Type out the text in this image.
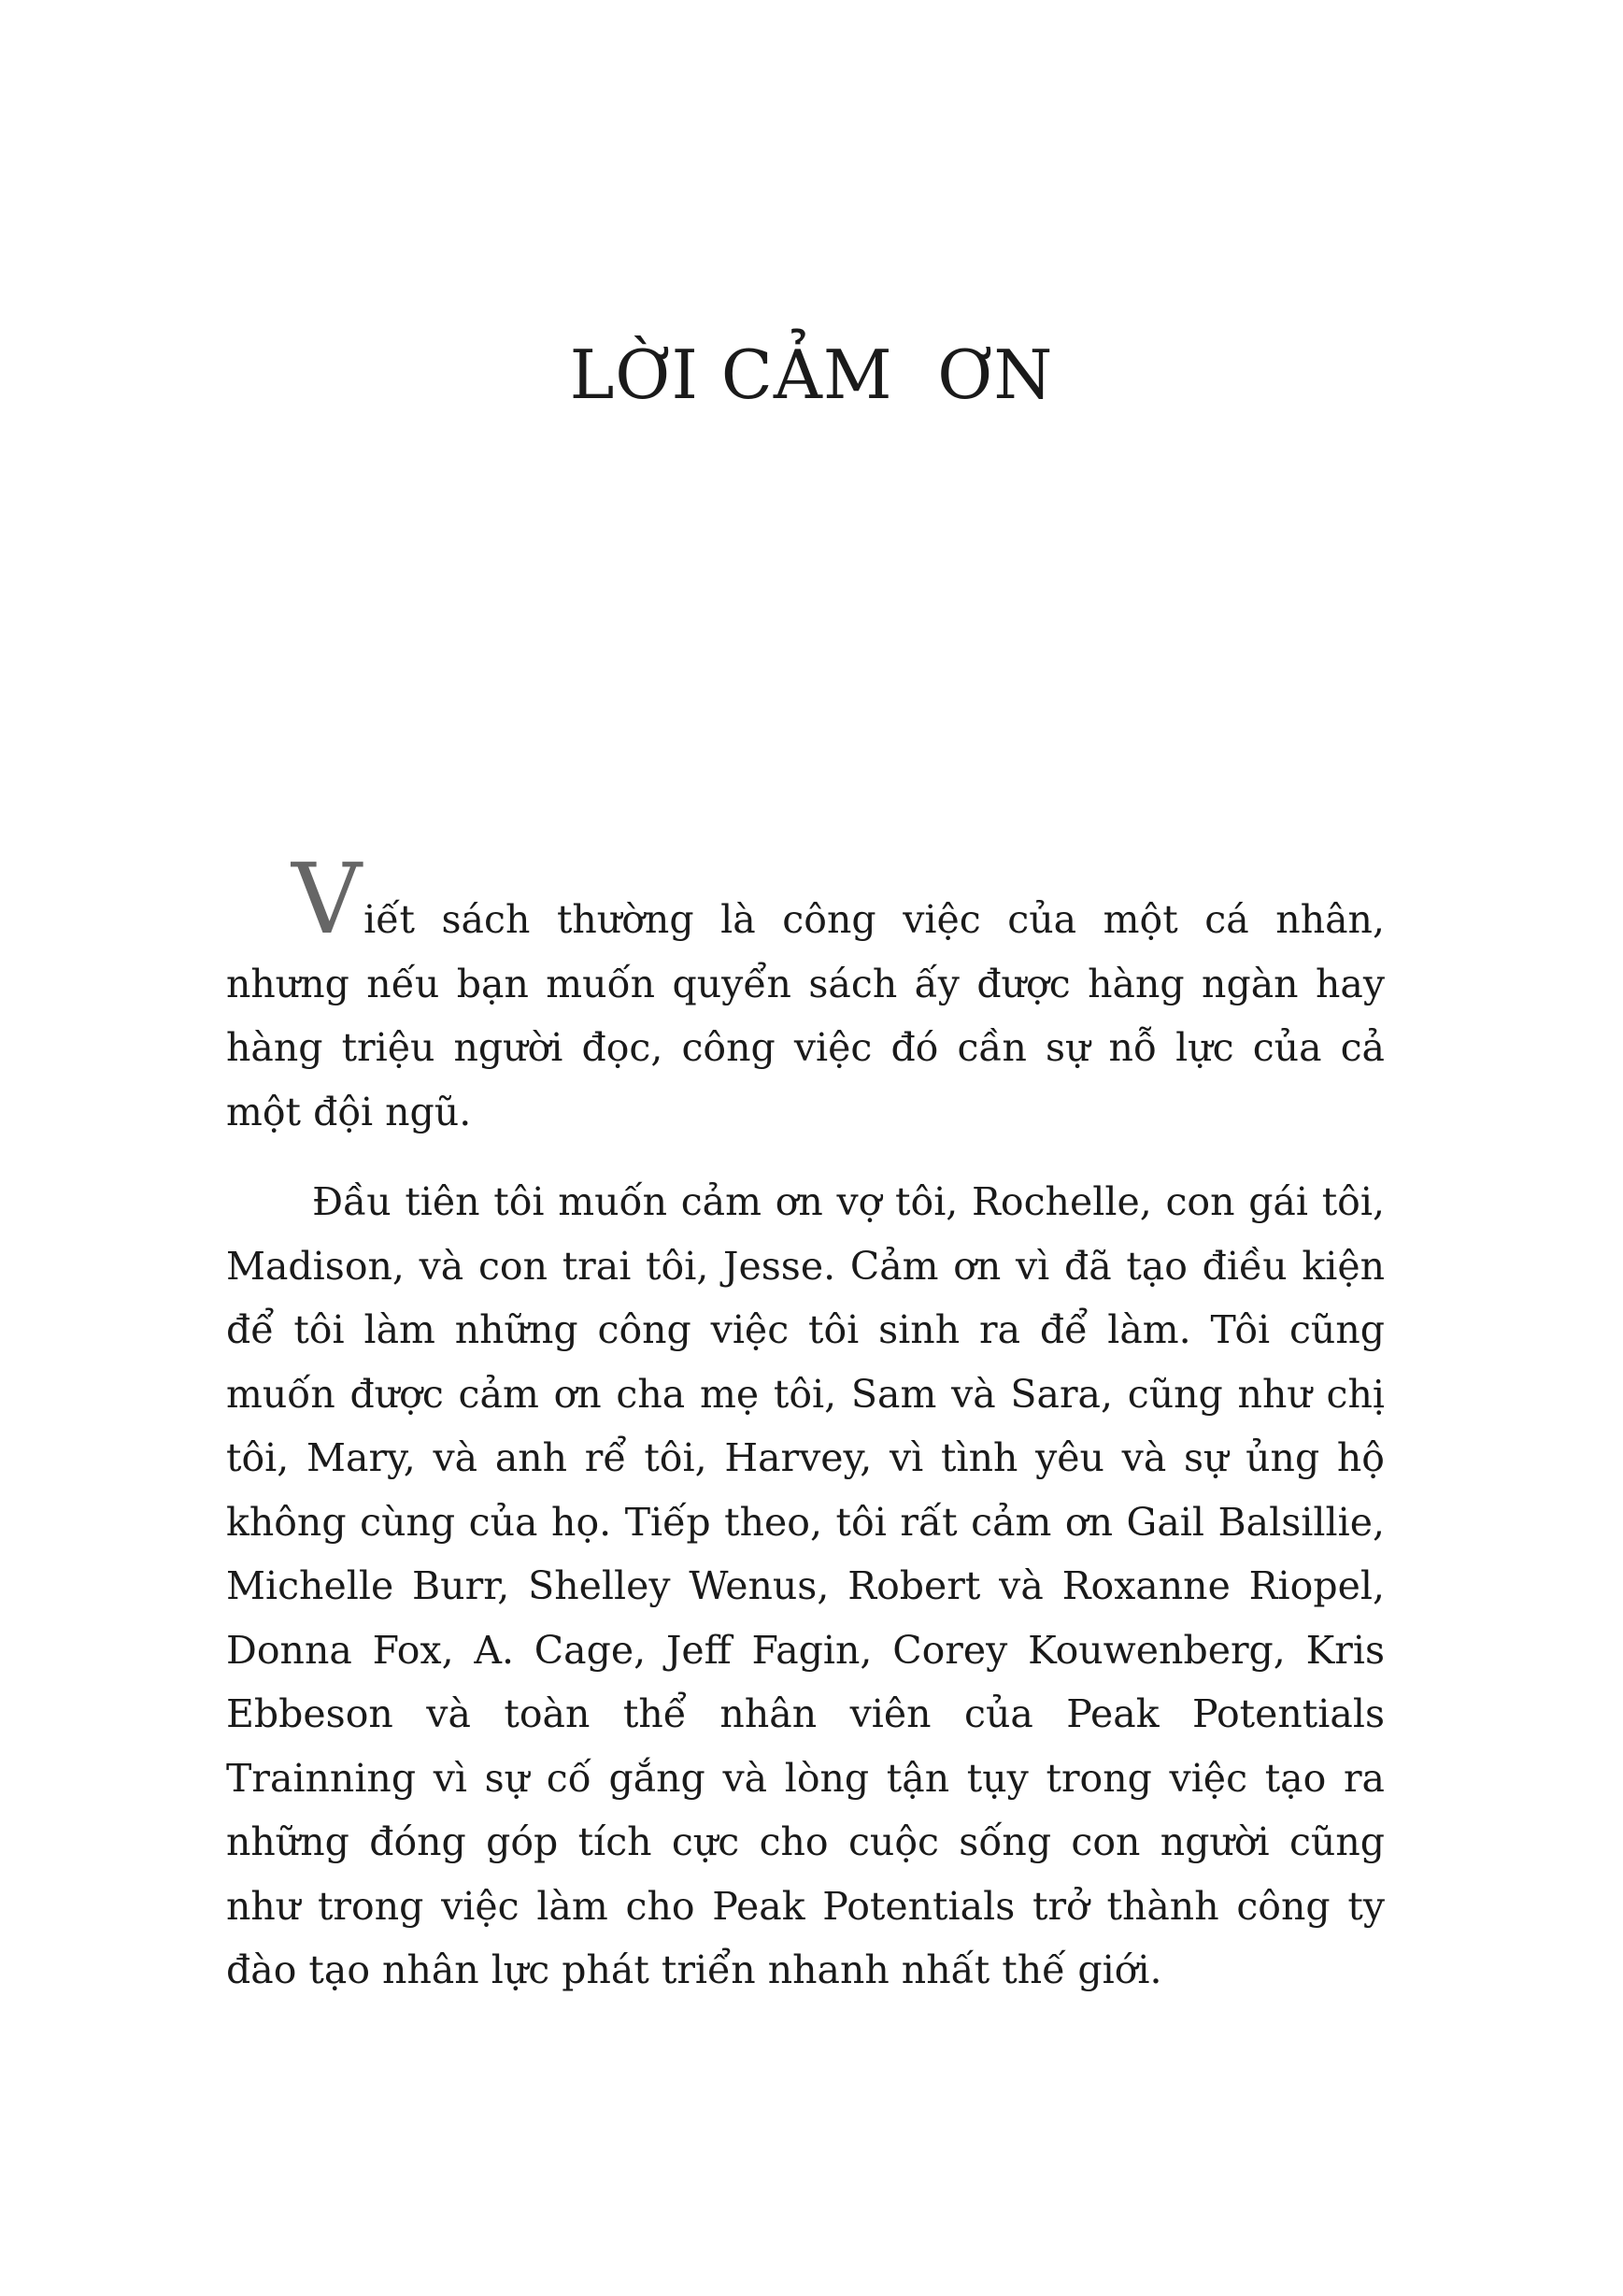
LỜI CẢM  ƠN

Viết sách thường là công việc của một cá nhân, nhưng nếu bạn muốn quyển sách ấy được hàng ngàn hay hàng triệu người đọc, công việc đó cần sự nỗ lực của cả một đội ngũ.

Đầu tiên tôi muốn cảm ơn vợ tôi, Rochelle, con gái tôi, Madison, và con trai tôi, Jesse. Cảm ơn vì đã tạo điều kiện để tôi làm những công việc tôi sinh ra để làm. Tôi cũng muốn được cảm ơn cha mẹ tôi, Sam và Sara, cũng như chị tôi, Mary, và anh rể tôi, Harvey, vì tình yêu và sự ủng hộ không cùng của họ. Tiếp theo, tôi rất cảm ơn Gail Balsillie, Michelle Burr, Shelley Wenus, Robert và Roxanne Riopel, Donna Fox, A. Cage, Jeff Fagin, Corey Kouwenberg, Kris Ebbeson và toàn thể nhân viên của Peak Potentials Trainning vì sự cố gắng và lòng tận tụy trong việc tạo ra những đóng góp tích cực cho cuộc sống con người cũng như trong việc làm cho Peak Potentials trở thành công ty đào tạo nhân lực phát triển nhanh nhất thế giới.
